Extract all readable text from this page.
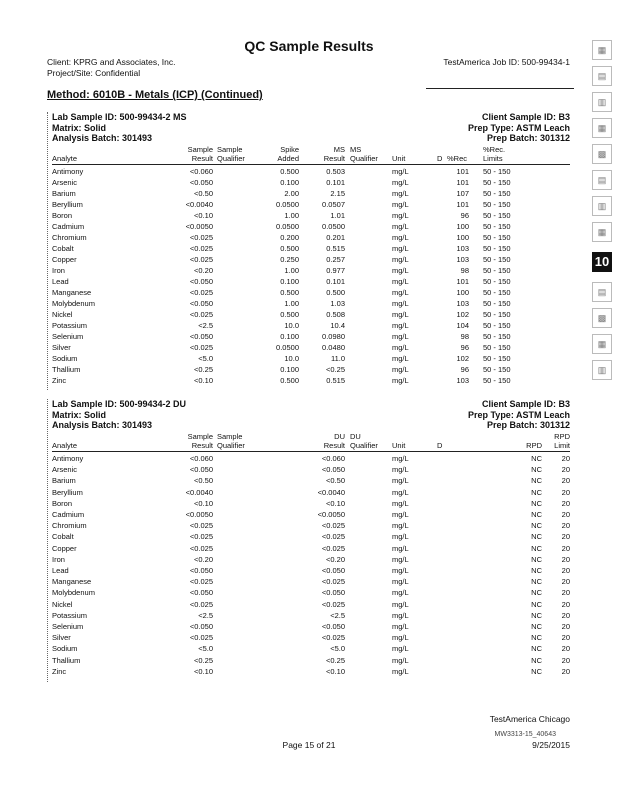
QC Sample Results
Client: KPRG and Associates, Inc.
Project/Site: Confidential
TestAmerica Job ID: 500-99434-1
Method: 6010B - Metals (ICP) (Continued)
Lab Sample ID: 500-99434-2 MS
Matrix: Solid
Analysis Batch: 301493
Client Sample ID: B3
Prep Type: ASTM Leach
Prep Batch: 301312
Sample
Result
Sample
Qualifier
Spike
Added
MS
Result
MS
Qualifier
Analyte	Unit	D %Rec
%Rec.
Limits
Antimony	<0.060	0.500	0.503	mg/L	101 50 - 150
Arsenic	<0.050	0.100	0.101	mg/L	101 50 - 150
Barium	<0.50	2.00	2.15	mg/L	107 50 - 150
Beryllium	<0.0040	0.0500	0.0507	mg/L	101 50 - 150
Boron	<0.10	1.00	1.01	mg/L	96 50 - 150
Cadmium	<0.0050	0.0500	0.0500	mg/L	100 50 - 150
Chromium	<0.025	0.200	0.201	mg/L	100 50 - 150
Cobalt	<0.025	0.500	0.515	mg/L	103 50 - 150
Copper	<0.025	0.250	0.257	mg/L	103 50 - 150
Iron	<0.20	1.00	0.977	mg/L	98 50 - 150
Lead	<0.050	0.100	0.101	mg/L	101 50 - 150
Manganese	<0.025	0.500	0.500	mg/L	100 50 - 150
Molybdenum	<0.050	1.00	1.03	mg/L	103 50 - 150
Nickel	<0.025	0.500	0.508	mg/L	102 50 - 150
Potassium	<2.5	10.0	10.4	mg/L	104 50 - 150
Selenium	<0.050	0.100	0.0980	mg/L	98 50 - 150
Silver	<0.025	0.0500	0.0480	mg/L	96 50 - 150
Sodium	<5.0	10.0	11.0	mg/L	102 50 - 150
Thallium	<0.25	0.100	<0.25	mg/L	96 50 - 150
Zinc	<0.10	0.500	0.515	mg/L	103 50 - 150
Lab Sample ID: 500-99434-2 DU
Matrix: Solid
Analysis Batch: 301493
Client Sample ID: B3
Prep Type: ASTM Leach
Prep Batch: 301312
Sample
Result
Sample
Qualifier
DU
Result
DU
Qualifier
Analyte	Unit	D	RPD
RPD
Limit
Antimony	<0.060	<0.060	mg/L	NC	20
Arsenic	<0.050	<0.050	mg/L	NC	20
Barium	<0.50	<0.50	mg/L	NC	20
Beryllium	<0.0040	<0.0040	mg/L	NC	20
Boron	<0.10	<0.10	mg/L	NC	20
Cadmium	<0.0050	<0.0050	mg/L	NC	20
Chromium	<0.025	<0.025	mg/L	NC	20
Cobalt	<0.025	<0.025	mg/L	NC	20
Copper	<0.025	<0.025	mg/L	NC	20
Iron	<0.20	<0.20	mg/L	NC	20
Lead	<0.050	<0.050	mg/L	NC	20
Manganese	<0.025	<0.025	mg/L	NC	20
Molybdenum	<0.050	<0.050	mg/L	NC	20
Nickel	<0.025	<0.025	mg/L	NC	20
Potassium	<2.5	<2.5	mg/L	NC	20
Selenium	<0.050	<0.050	mg/L	NC	20
Silver	<0.025	<0.025	mg/L	NC	20
Sodium	<5.0	<5.0	mg/L	NC	20
Thallium	<0.25	<0.25	mg/L	NC	20
Zinc	<0.10	<0.10	mg/L	NC	20
▦
▤
▥
▦
▩
▤
▥
▦
10
▤
▩
▦
▥
TestAmerica Chicago
Page 15 of 21
MW3313-15_40643
9/25/2015
